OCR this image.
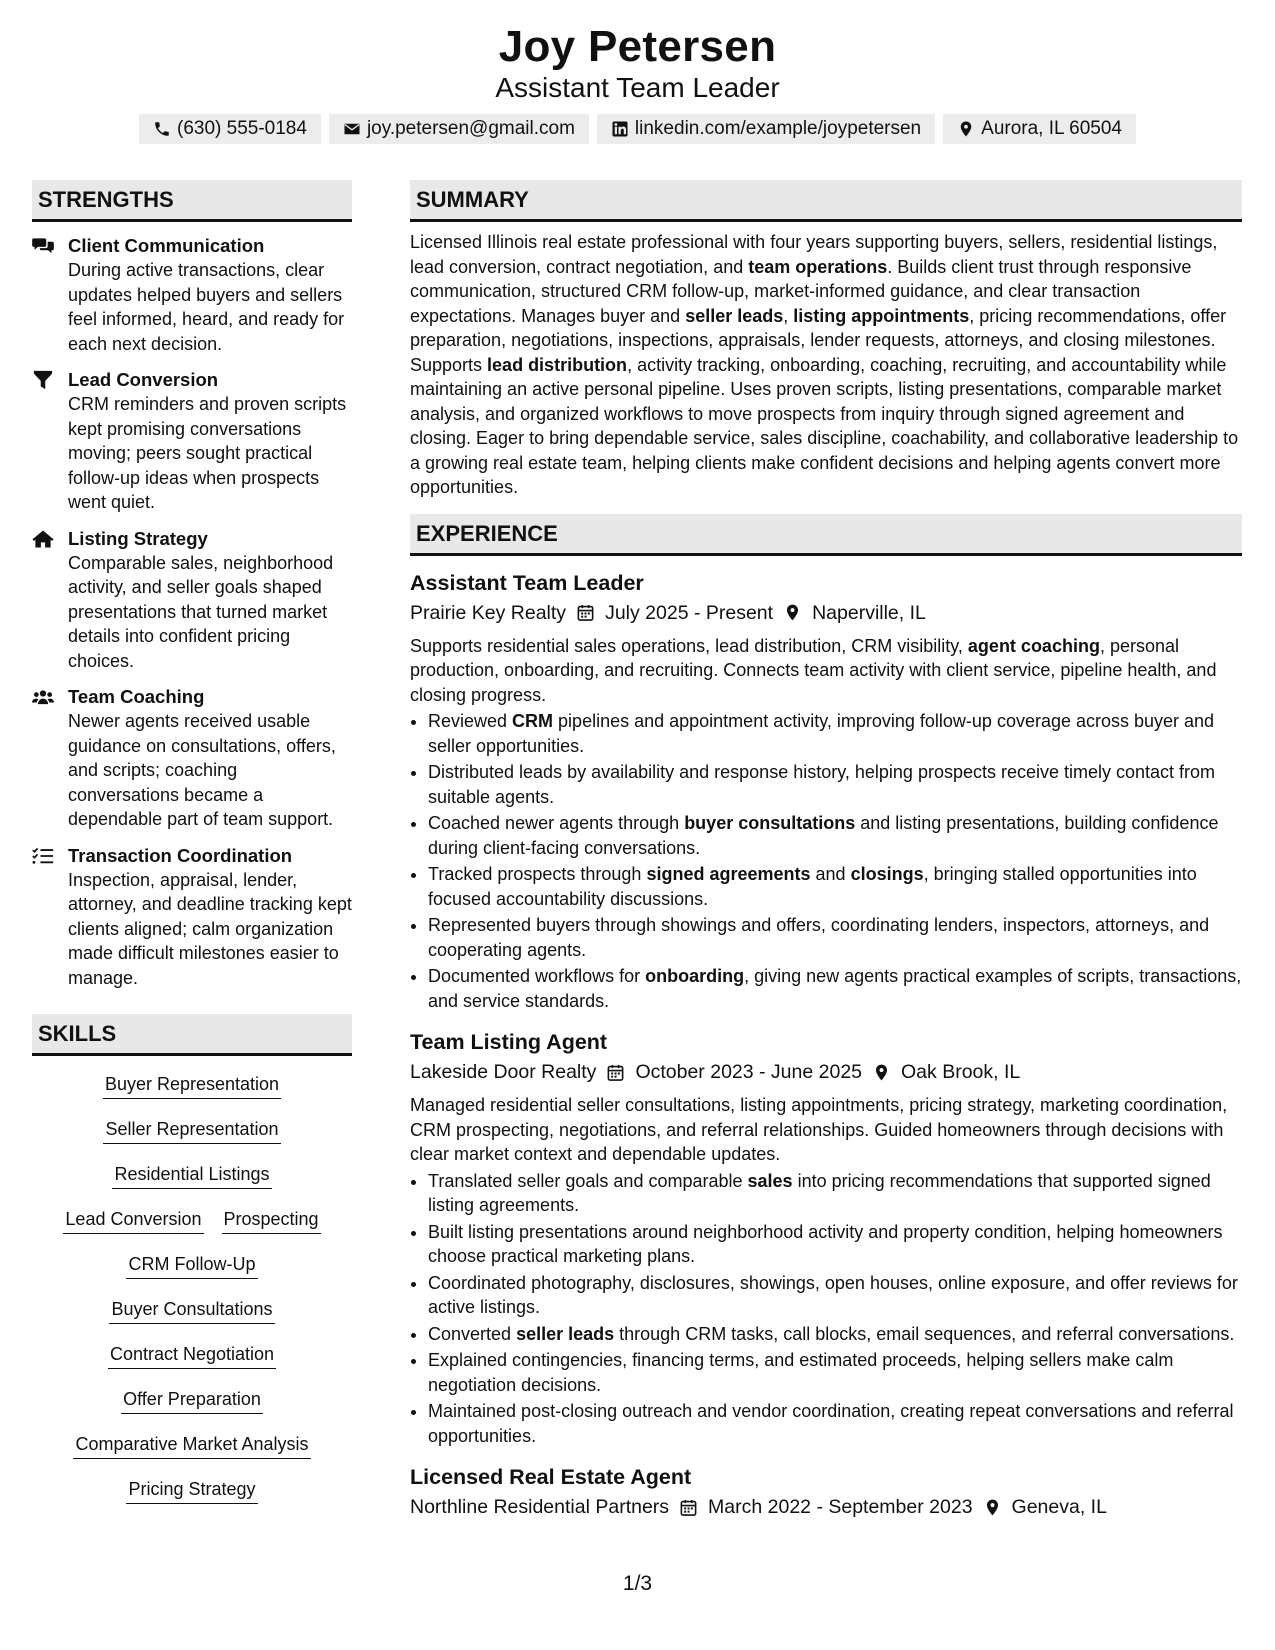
Joy Petersen
Assistant Team Leader
(630) 555-0184	joy.petersen@gmail.com	linkedin.com/example/joypetersen	Aurora, IL 60504
STRENGTHS
Client Communication
During active transactions, clear updates helped buyers and sellers feel informed, heard, and ready for each next decision.
Lead Conversion
CRM reminders and proven scripts kept promising conversations moving; peers sought practical follow-up ideas when prospects went quiet.
Listing Strategy
Comparable sales, neighborhood activity, and seller goals shaped presentations that turned market details into confident pricing choices.
Team Coaching
Newer agents received usable guidance on consultations, offers, and scripts; coaching conversations became a dependable part of team support.
Transaction Coordination
Inspection, appraisal, lender, attorney, and deadline tracking kept clients aligned; calm organization made difficult milestones easier to manage.
SKILLS
Buyer Representation
Seller Representation
Residential Listings
Lead Conversion Prospecting
CRM Follow-Up
Buyer Consultations
Contract Negotiation
Offer Preparation
Comparative Market Analysis
Pricing Strategy
SUMMARY
Licensed Illinois real estate professional with four years supporting buyers, sellers, residential listings, lead conversion, contract negotiation, and team operations. Builds client trust through responsive communication, structured CRM follow-up, market-informed guidance, and clear transaction expectations. Manages buyer and seller leads, listing appointments, pricing recommendations, offer preparation, negotiations, inspections, appraisals, lender requests, attorneys, and closing milestones. Supports lead distribution, activity tracking, onboarding, coaching, recruiting, and accountability while maintaining an active personal pipeline. Uses proven scripts, listing presentations, comparable market analysis, and organized workflows to move prospects from inquiry through signed agreement and closing. Eager to bring dependable service, sales discipline, coachability, and collaborative leadership to a growing real estate team, helping clients make confident decisions and helping agents convert more opportunities.
EXPERIENCE
Assistant Team Leader
Prairie Key Realty July 2025 - Present Naperville, IL
Supports residential sales operations, lead distribution, CRM visibility, agent coaching, personal production, onboarding, and recruiting. Connects team activity with client service, pipeline health, and closing progress.
• Reviewed CRM pipelines and appointment activity, improving follow-up coverage across buyer and seller opportunities.
• Distributed leads by availability and response history, helping prospects receive timely contact from suitable agents.
• Coached newer agents through buyer consultations and listing presentations, building confidence during client-facing conversations.
• Tracked prospects through signed agreements and closings, bringing stalled opportunities into focused accountability discussions.
• Represented buyers through showings and offers, coordinating lenders, inspectors, attorneys, and cooperating agents.
• Documented workflows for onboarding, giving new agents practical examples of scripts, transactions, and service standards.
Team Listing Agent
Lakeside Door Realty October 2023 - June 2025 Oak Brook, IL
Managed residential seller consultations, listing appointments, pricing strategy, marketing coordination, CRM prospecting, negotiations, and referral relationships. Guided homeowners through decisions with clear market context and dependable updates.
• Translated seller goals and comparable sales into pricing recommendations that supported signed listing agreements.
• Built listing presentations around neighborhood activity and property condition, helping homeowners choose practical marketing plans.
• Coordinated photography, disclosures, showings, open houses, online exposure, and offer reviews for active listings.
• Converted seller leads through CRM tasks, call blocks, email sequences, and referral conversations.
• Explained contingencies, financing terms, and estimated proceeds, helping sellers make calm negotiation decisions.
• Maintained post-closing outreach and vendor coordination, creating repeat conversations and referral opportunities.
Licensed Real Estate Agent
Northline Residential Partners March 2022 - September 2023 Geneva, IL
1/3
